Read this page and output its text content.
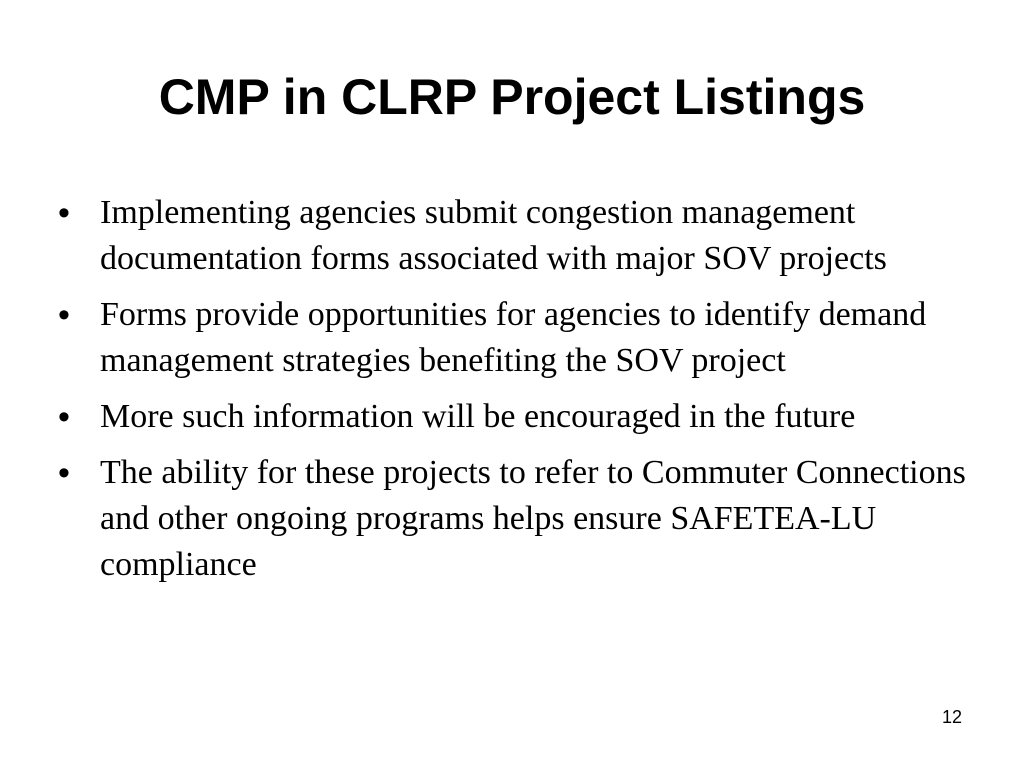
CMP in CLRP Project Listings
• Implementing agencies submit congestion management documentation forms associated with major SOV projects
• Forms provide opportunities for agencies to identify demand management strategies benefiting the SOV project
• More such information will be encouraged in the future
• The ability for these projects to refer to Commuter Connections and other ongoing programs helps ensure SAFETEA-LU compliance
12
